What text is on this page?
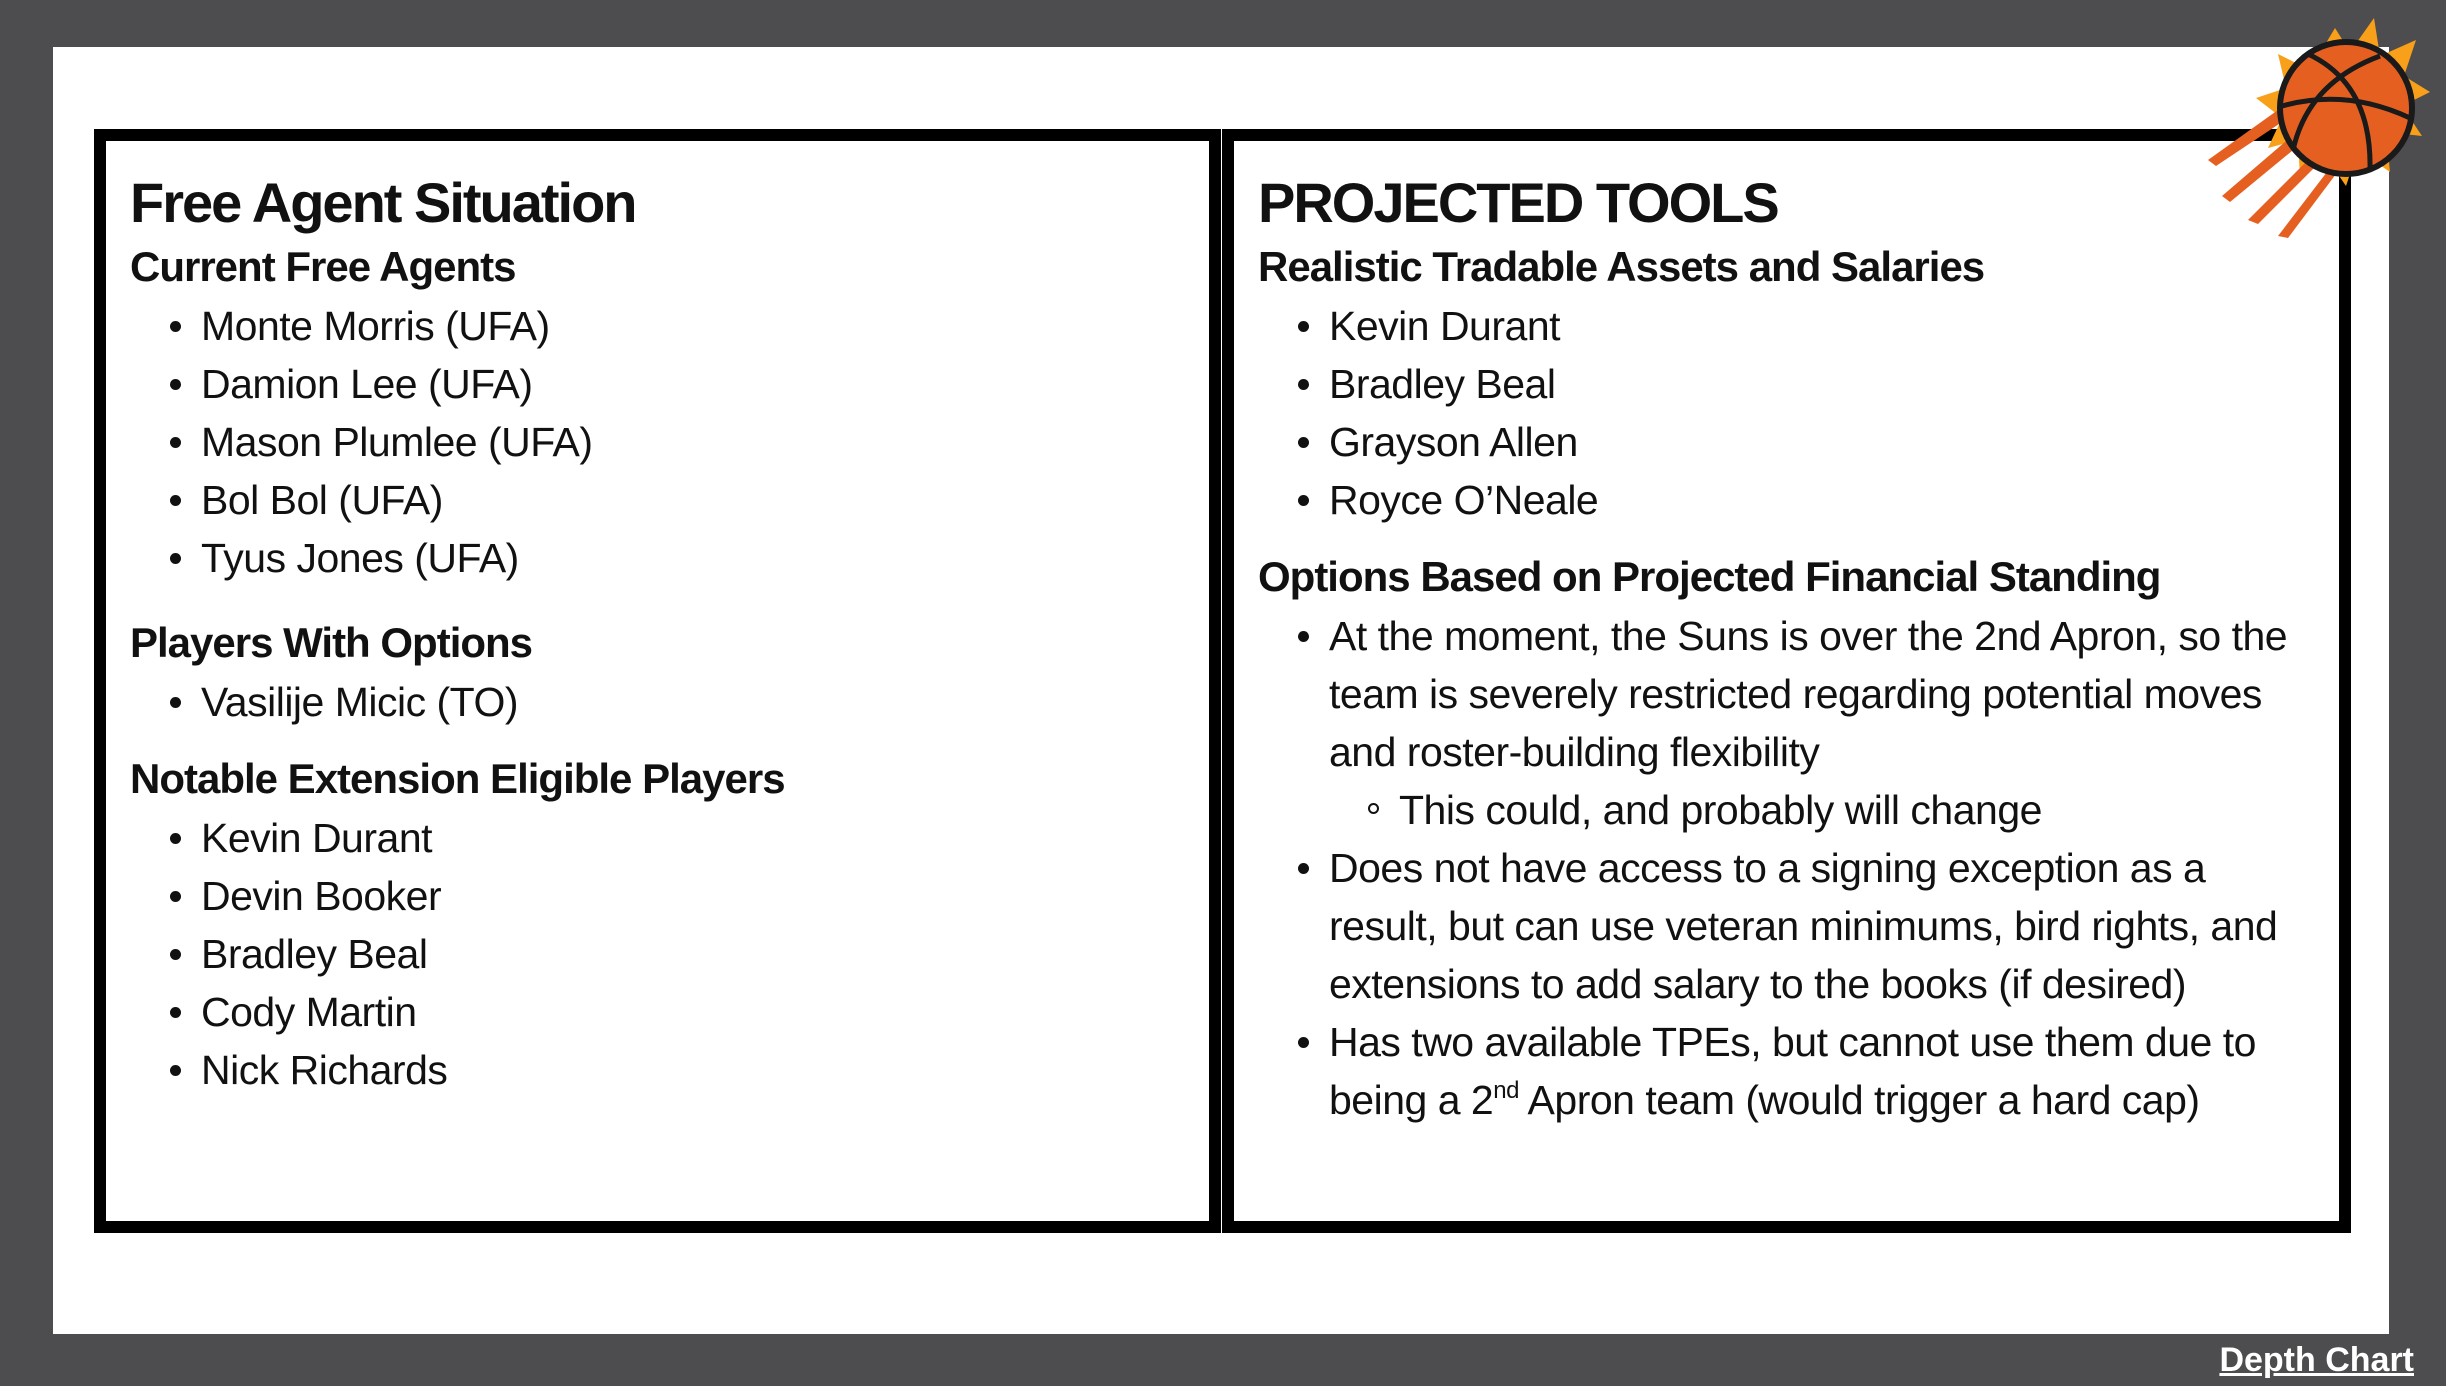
Free Agent Situation
Current Free Agents
Monte Morris (UFA)
Damion Lee (UFA)
Mason Plumlee (UFA)
Bol Bol (UFA)
Tyus Jones (UFA)
Players With Options
Vasilije Micic (TO)
Notable Extension Eligible Players
Kevin Durant
Devin Booker
Bradley Beal
Cody Martin
Nick Richards
PROJECTED TOOLS
Realistic Tradable Assets and Salaries
Kevin Durant
Bradley Beal
Grayson Allen
Royce O’Neale
Options Based on Projected Financial Standing
At the moment, the Suns is over the 2nd Apron, so the team is severely restricted regarding potential moves and roster-building flexibility
This could, and probably will change
Does not have access to a signing exception as a result, but can use veteran minimums, bird rights, and extensions to add salary to the books (if desired)
Has two available TPEs, but cannot use them due to being a 2nd Apron team (would trigger a hard cap)
Depth Chart
